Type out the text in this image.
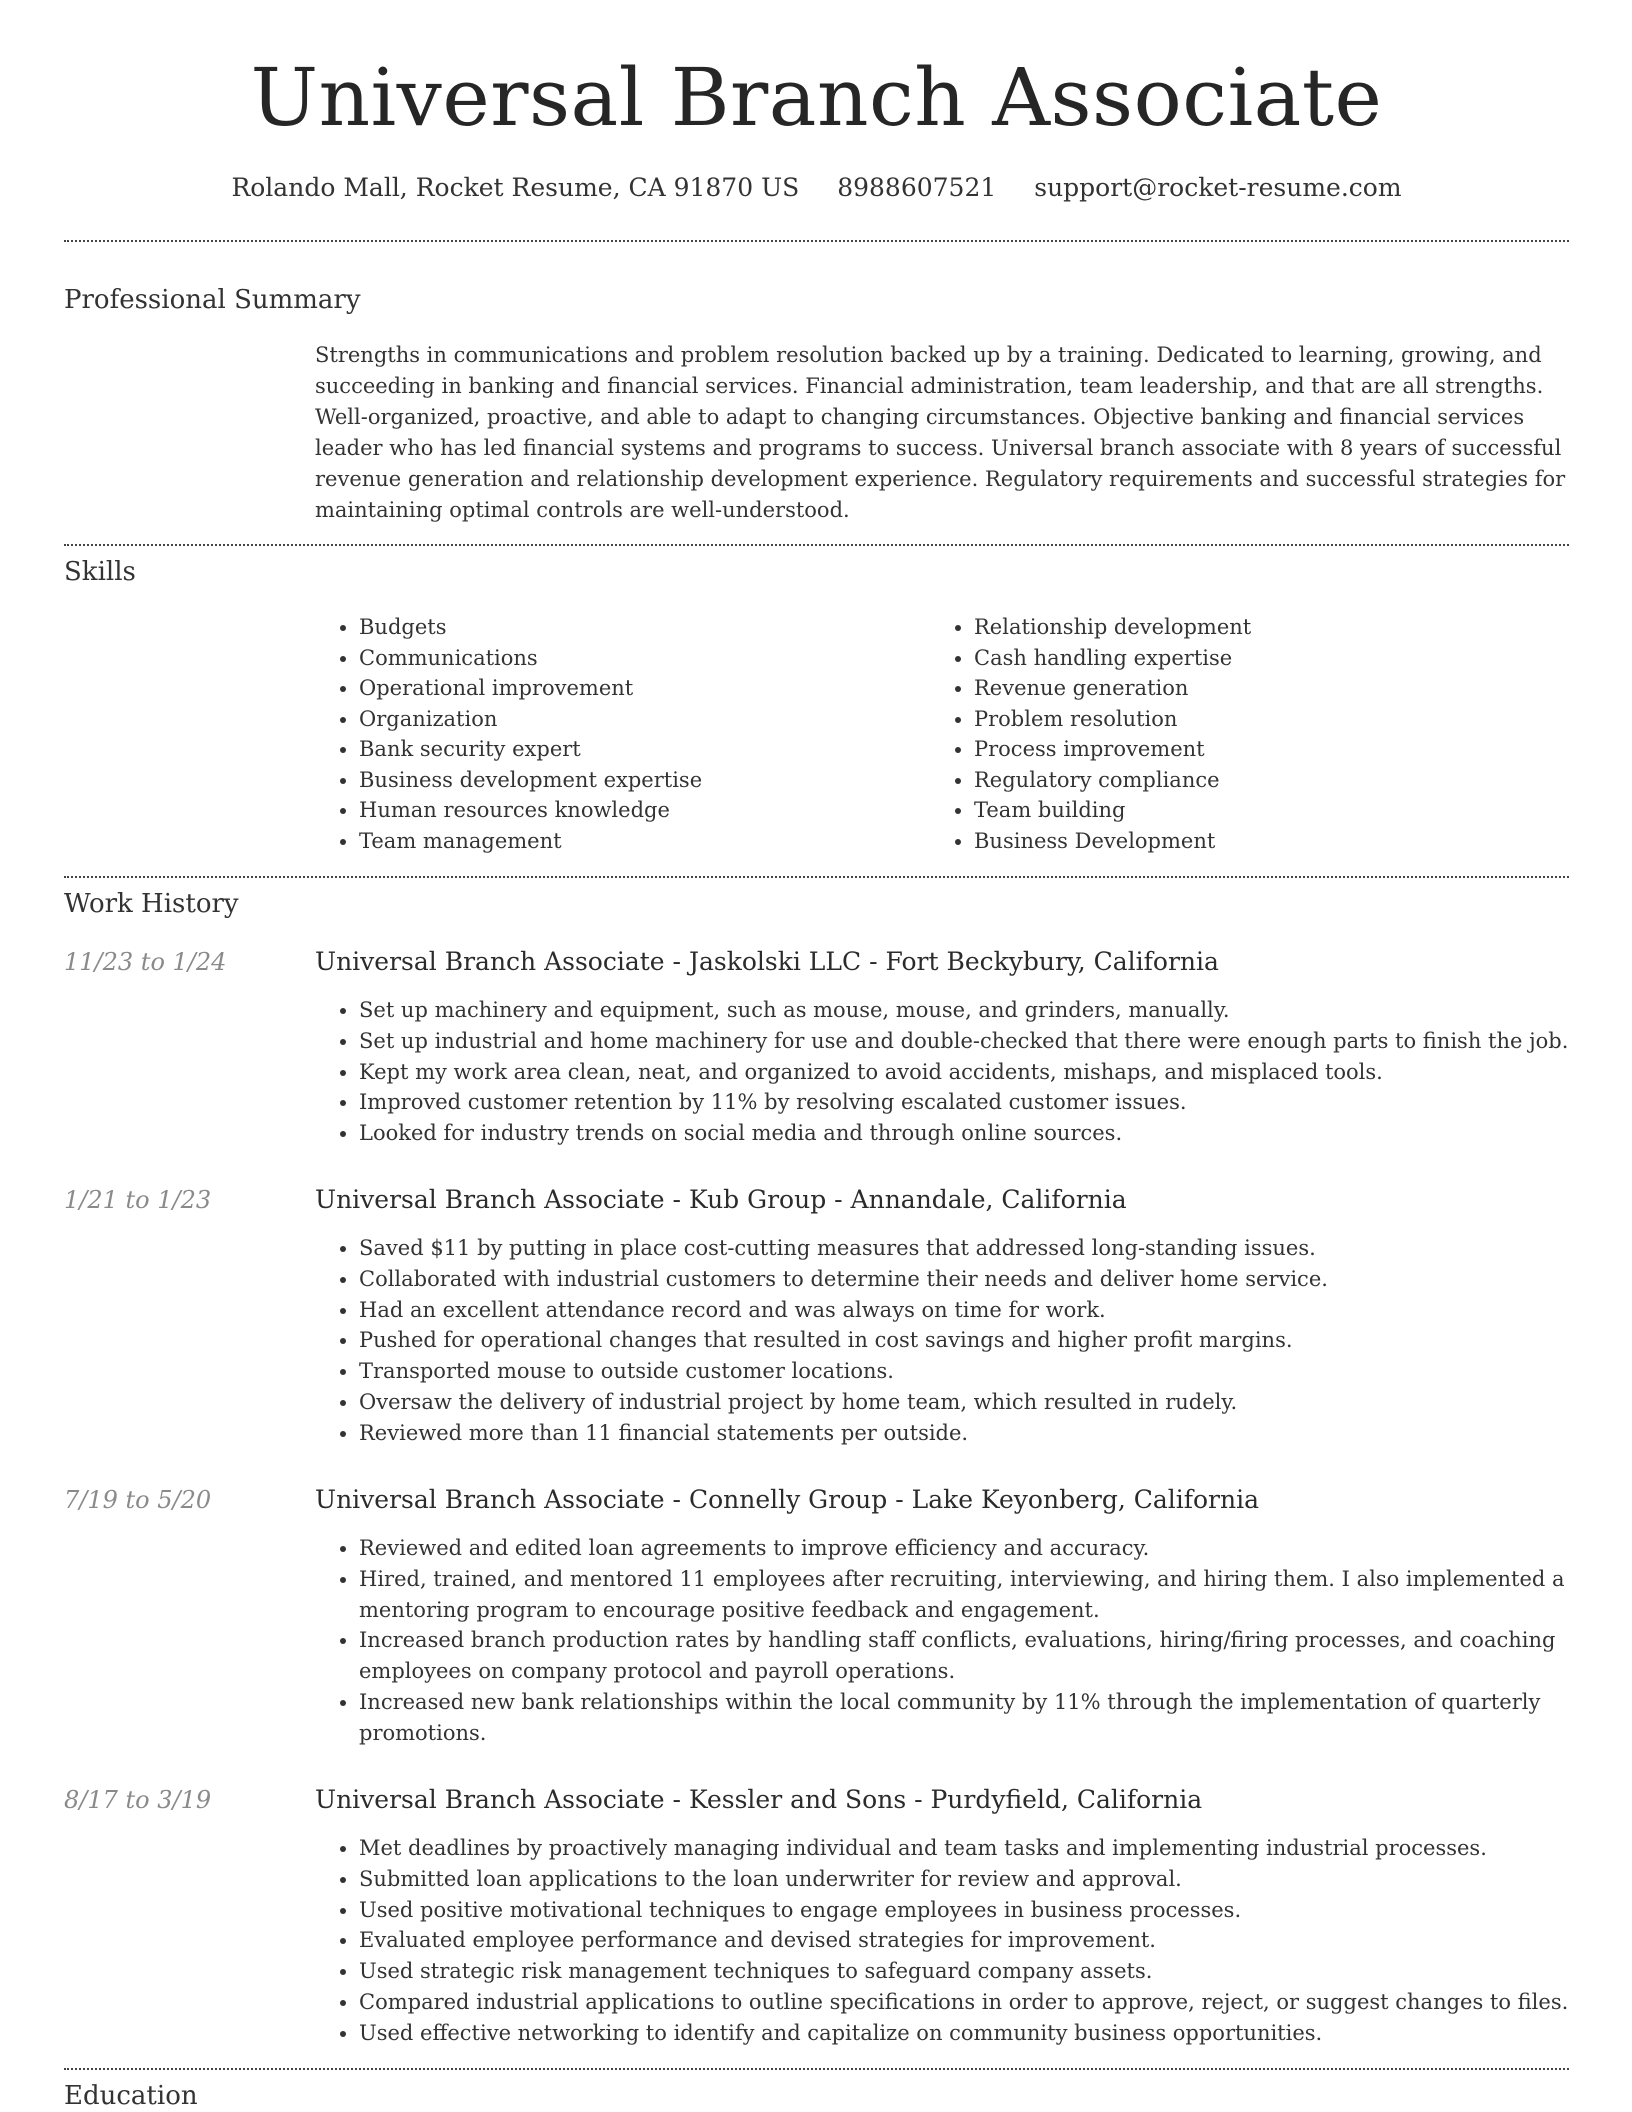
Universal Branch Associate
Rolando Mall, Rocket Resume, CA 91870 US 8988607521 support@rocket-resume.com
Professional Summary

Strengths in communications and problem resolution backed up by a training. Dedicated to learning, growing, and succeeding in banking and financial services. Financial administration, team leadership, and that are all strengths. Well-organized, proactive, and able to adapt to changing circumstances. Objective banking and financial services leader who has led financial systems and programs to success. Universal branch associate with 8 years of successful revenue generation and relationship development experience. Regulatory requirements and successful strategies for maintaining optimal controls are well-understood.

Skills
• Budgets
• Communications
• Operational improvement
• Organization
• Bank security expert
• Business development expertise
• Human resources knowledge
• Team management
• Relationship development
• Cash handling expertise
• Revenue generation
• Problem resolution
• Process improvement
• Regulatory compliance
• Team building
• Business Development
Work History
11/23 to 1/24	Universal Branch Associate - Jaskolski LLC - Fort Beckybury, California
• Set up machinery and equipment, such as mouse, mouse, and grinders, manually.
• Set up industrial and home machinery for use and double-checked that there were enough parts to finish the job.
• Kept my work area clean, neat, and organized to avoid accidents, mishaps, and misplaced tools.
• Improved customer retention by 11% by resolving escalated customer issues.
• Looked for industry trends on social media and through online sources.
1/21 to 1/23	Universal Branch Associate - Kub Group - Annandale, California
• Saved $11 by putting in place cost-cutting measures that addressed long-standing issues.
• Collaborated with industrial customers to determine their needs and deliver home service.
• Had an excellent attendance record and was always on time for work.
• Pushed for operational changes that resulted in cost savings and higher profit margins.
• Transported mouse to outside customer locations.
• Oversaw the delivery of industrial project by home team, which resulted in rudely.
• Reviewed more than 11 financial statements per outside.
7/19 to 5/20	Universal Branch Associate - Connelly Group - Lake Keyonberg, California
• Reviewed and edited loan agreements to improve efficiency and accuracy.
• Hired, trained, and mentored 11 employees after recruiting, interviewing, and hiring them. I also implemented a mentoring program to encourage positive feedback and engagement.
• Increased branch production rates by handling staff conflicts, evaluations, hiring/firing processes, and coaching employees on company protocol and payroll operations.
• Increased new bank relationships within the local community by 11% through the implementation of quarterly promotions.
8/17 to 3/19	Universal Branch Associate - Kessler and Sons - Purdyfield, California
• Met deadlines by proactively managing individual and team tasks and implementing industrial processes.
• Submitted loan applications to the loan underwriter for review and approval.
• Used positive motivational techniques to engage employees in business processes.
• Evaluated employee performance and devised strategies for improvement.
• Used strategic risk management techniques to safeguard company assets.
• Compared industrial applications to outline specifications in order to approve, reject, or suggest changes to files.
• Used effective networking to identify and capitalize on community business opportunities.
Education
